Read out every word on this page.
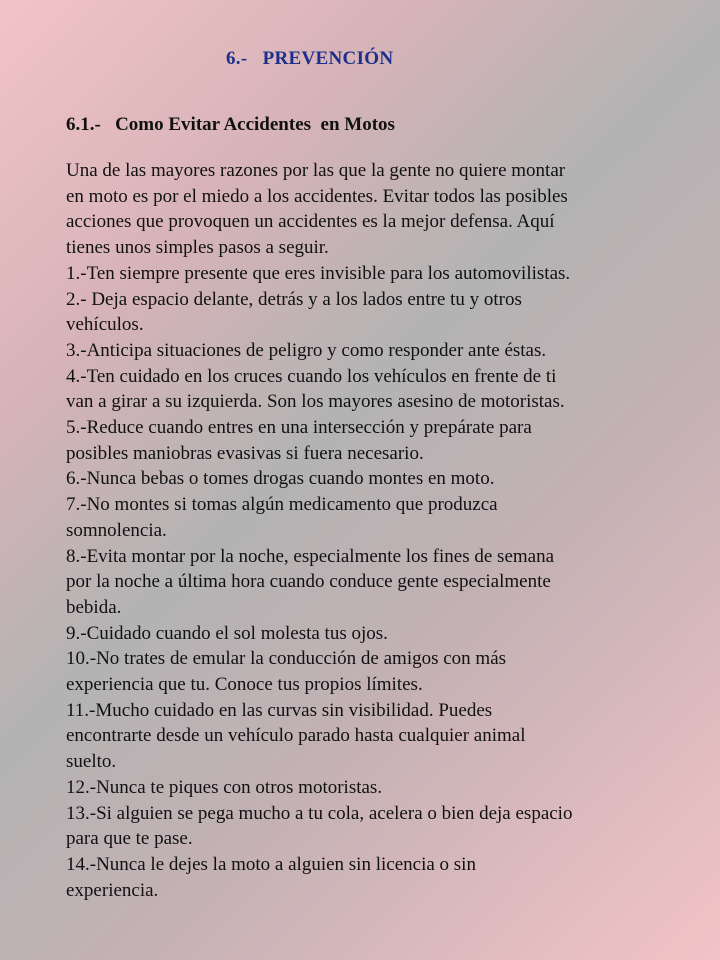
6.-   PREVENCIÓN
6.1.-   Como Evitar Accidentes  en Motos
Una de las mayores razones por las que la gente no quiere montar
en moto es por el miedo a los accidentes. Evitar todos las posibles
acciones que provoquen un accidentes es la mejor defensa. Aquí
tienes unos simples pasos a seguir.
1.-Ten siempre presente que eres invisible para los automovilistas.
2.- Deja espacio delante, detrás y a los lados entre tu y otros
vehículos.
3.-Anticipa situaciones de peligro y como responder ante éstas.
4.-Ten cuidado en los cruces cuando los vehículos en frente de ti
van a girar a su izquierda. Son los mayores asesino de motoristas.
5.-Reduce cuando entres en una intersección y prepárate para
posibles maniobras evasivas si fuera necesario.
6.-Nunca bebas o tomes drogas cuando montes en moto.
7.-No montes si tomas algún medicamento que produzca
somnolencia.
8.-Evita montar por la noche, especialmente los fines de semana
por la noche a última hora cuando conduce gente especialmente
bebida.
9.-Cuidado cuando el sol molesta tus ojos.
10.-No trates de emular la conducción de amigos con más
experiencia que tu. Conoce tus propios límites.
11.-Mucho cuidado en las curvas sin visibilidad. Puedes
encontrarte desde un vehículo parado hasta cualquier animal
suelto.
12.-Nunca te piques con otros motoristas.
13.-Si alguien se pega mucho a tu cola, acelera o bien deja espacio
para que te pase.
14.-Nunca le dejes la moto a alguien sin licencia o sin
experiencia.
